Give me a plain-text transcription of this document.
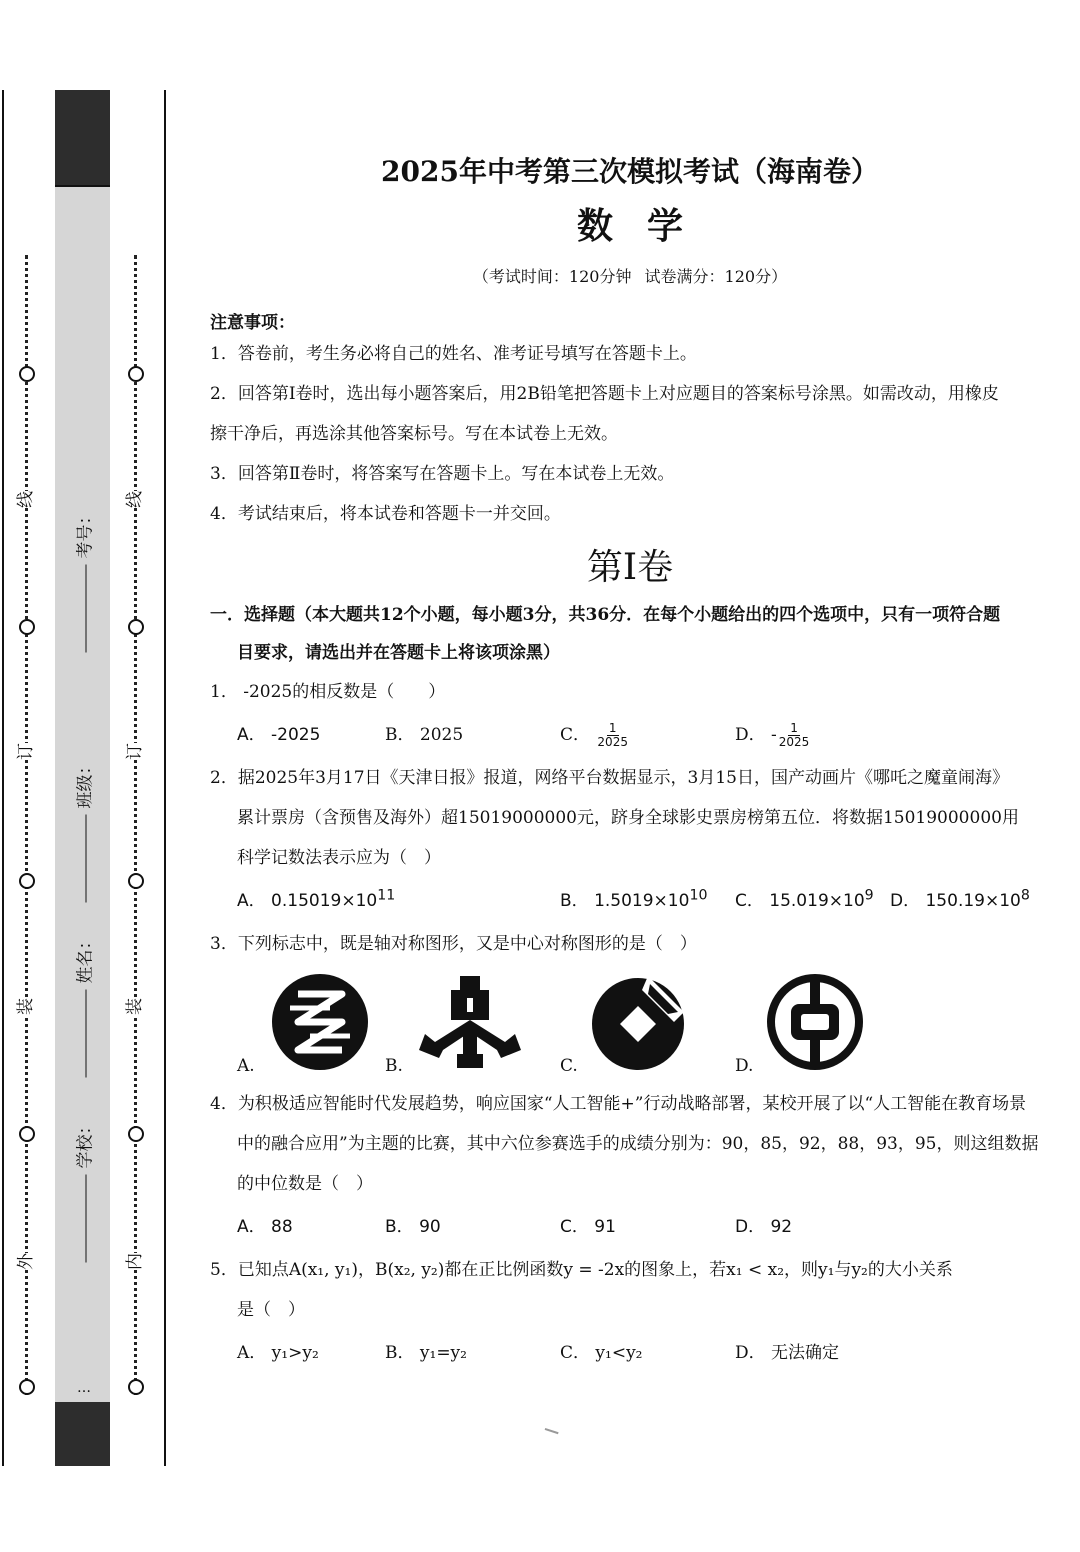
线
订
装
外
线
订
装
内
…
考号：
班级：
姓名：
学校：
2025年中考第三次模拟考试（海南卷）
数学
（考试时间：120分钟 试卷满分：120分）
注意事项：

1．答卷前，考生务必将自己的姓名、准考证号填写在答题卡上。

2．回答第Ⅰ卷时，选出每小题答案后，用2B铅笔把答题卡上对应题目的答案标号涂黑。如需改动，用橡皮

擦干净后，再选涂其他答案标号。写在本试卷上无效。

3．回答第Ⅱ卷时，将答案写在答题卡上。写在本试卷上无效。

4．考试结束后，将本试卷和答题卡一并交回。

第Ⅰ卷
一．选择题（本大题共12个小题，每小题3分，共36分．在每个小题给出的四个选项中，只有一项符合题
目要求，请选出并在答题卡上将该项涂黑）

1． -2025的相反数是（　　）

A． -2025	B． 2025	C． $\frac{1}{2025}$	D． - $\frac{1}{2025}$

2．据2025年3月17日《天津日报》报道，网络平台数据显示，3月15日，国产动画片《哪吒之魔童闹海》

累计票房（含预售及海外）超15019000000元，跻身全球影史票房榜第五位．将数据15019000000用

科学记数法表示应为（　）

A． $0.15019\times 10^{11}$	B． $1.5019\times 10^{10}$ C． $15.019\times 10^9$ D． $150.19\times 10^8$

3．下列标志中，既是轴对称图形，又是中心对称图形的是（　）

A.	B.	C.	D.

4．为积极适应智能时代发展趋势，响应国家“人工智能+”行动战略部署，某校开展了以“人工智能在教育场景

中的融合应用”为主题的比赛，其中六位参赛选手的成绩分别为：90，85，92，88，93，95，则这组数据

的中位数是（　）

A． 88	B． 90	C． 91	D． 92

5．已知点A(x₁, y₁)，B(x₂, y₂)都在正比例函数y = -2x的图象上，若x₁ < x₂，则y₁与y₂的大小关系

是（　）

A． y₁>y₂	B． y₁=y₂	C． y₁<y₂	D． 无法确定
